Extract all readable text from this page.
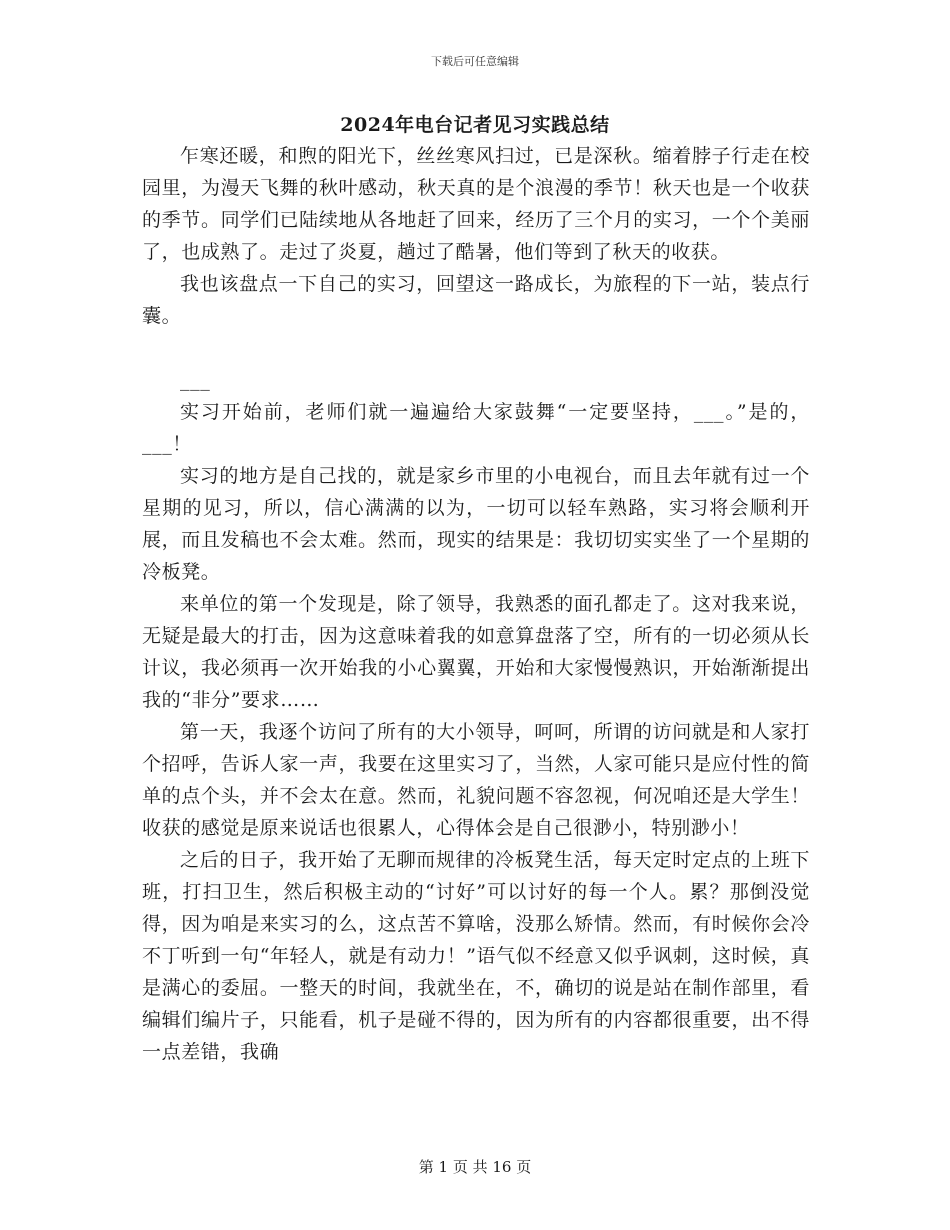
下载后可任意编辑
2024年电台记者见习实践总结

乍寒还暖，和煦的阳光下，丝丝寒风扫过，已是深秋。缩着脖子行走在校园里，为漫天飞舞的秋叶感动，秋天真的是个浪漫的季节！秋天也是一个收获的季节。同学们已陆续地从各地赶了回来，经历了三个月的实习，一个个美丽了，也成熟了。走过了炎夏，趟过了酷暑，他们等到了秋天的收获。

我也该盘点一下自己的实习，回望这一路成长，为旅程的下一站，装点行囊。

___

实习开始前，老师们就一遍遍给大家鼓舞“一定要坚持，___。”是的，___！

实习的地方是自己找的，就是家乡市里的小电视台，而且去年就有过一个星期的见习，所以，信心满满的以为，一切可以轻车熟路，实习将会顺利开展，而且发稿也不会太难。然而，现实的结果是：我切切实实坐了一个星期的冷板凳。

来单位的第一个发现是，除了领导，我熟悉的面孔都走了。这对我来说，无疑是最大的打击，因为这意味着我的如意算盘落了空，所有的一切必须从长计议，我必须再一次开始我的小心翼翼，开始和大家慢慢熟识，开始渐渐提出我的“非分”要求……

第一天，我逐个访问了所有的大小领导，呵呵，所谓的访问就是和人家打个招呼，告诉人家一声，我要在这里实习了，当然，人家可能只是应付性的简单的点个头，并不会太在意。然而，礼貌问题不容忽视，何况咱还是大学生！收获的感觉是原来说话也很累人，心得体会是自己很渺小，特别渺小！

之后的日子，我开始了无聊而规律的冷板凳生活，每天定时定点的上班下班，打扫卫生，然后积极主动的“讨好”可以讨好的每一个人。累？那倒没觉得，因为咱是来实习的么，这点苦不算啥，没那么矫情。然而，有时候你会冷不丁听到一句“年轻人，就是有动力！”语气似不经意又似乎讽刺，这时候，真是满心的委屈。一整天的时间，我就坐在，不，确切的说是站在制作部里，看编辑们编片子，只能看，机子是碰不得的，因为所有的内容都很重要，出不得一点差错，我确

第 1 页 共 16 页
